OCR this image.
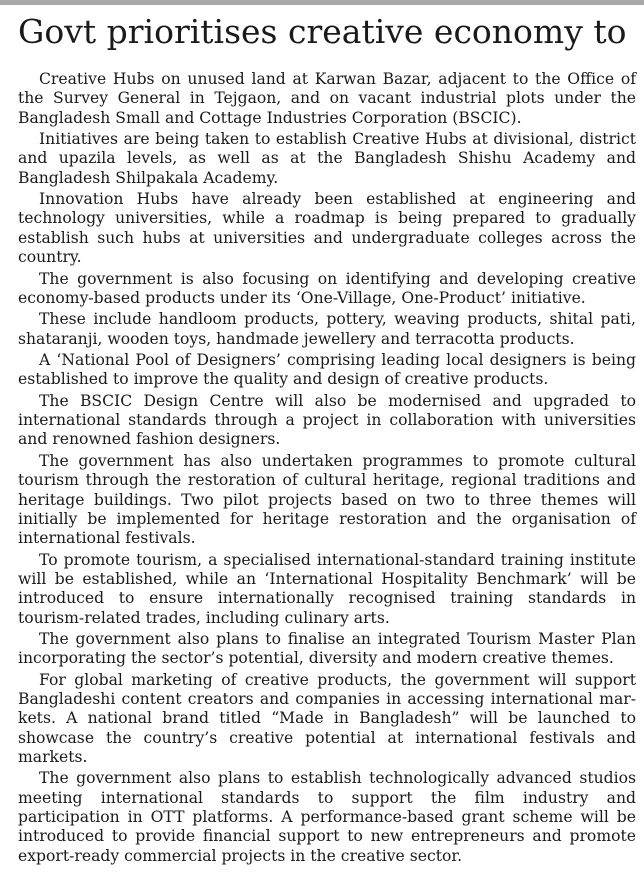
Govt prioritises creative economy to

Creative Hubs on unused land at Karwan Bazar, adjacent to the Office of the Survey General in Tejgaon, and on vacant industrial plots under the Bangladesh Small and Cottage Industries Corporation (BSCIC).

Initiatives are being taken to establish Creative Hubs at divisional, district and upazila levels, as well as at the Bangladesh Shishu Academy and Bangladesh Shilpakala Academy.

Innovation Hubs have already been established at engineering and technology universities, while a roadmap is being prepared to gradually establish such hubs at universities and undergraduate colleges across the country.

The government is also focusing on identifying and developing creative economy-based products under its ‘One-Village, One-Product’ initiative.

These include handloom products, pottery, weaving products, shital pati, shataranji, wooden toys, handmade jewellery and terracotta products.

A ‘National Pool of Designers’ comprising leading local designers is being established to improve the quality and design of creative products.

The BSCIC Design Centre will also be modernised and upgraded to international standards through a project in collaboration with universities and renowned fashion designers.

The government has also undertaken programmes to promote cultural tourism through the restoration of cultural heritage, regional traditions and heritage buildings. Two pilot projects based on two to three themes will initially be implemented for heritage restoration and the organisation of international festivals.

To promote tourism, a specialised international-standard training institute will be established, while an ‘International Hospitality Benchmark’ will be introduced to ensure internationally recognised training standards in tourism-related trades, including culinary arts.

The government also plans to finalise an integrated Tourism Master Plan incorporating the sector’s potential, diversity and modern creative themes.

For global marketing of creative products, the government will support Bangladeshi content creators and companies in accessing international markets. A national brand titled “Made in Bangladesh” will be launched to showcase the country’s creative potential at international festivals and markets.

The government also plans to establish technologically advanced studios meeting international standards to support the film industry and participation in OTT platforms. A performance-based grant scheme will be introduced to provide financial support to new entrepreneurs and promote export-ready commercial projects in the creative sector.
